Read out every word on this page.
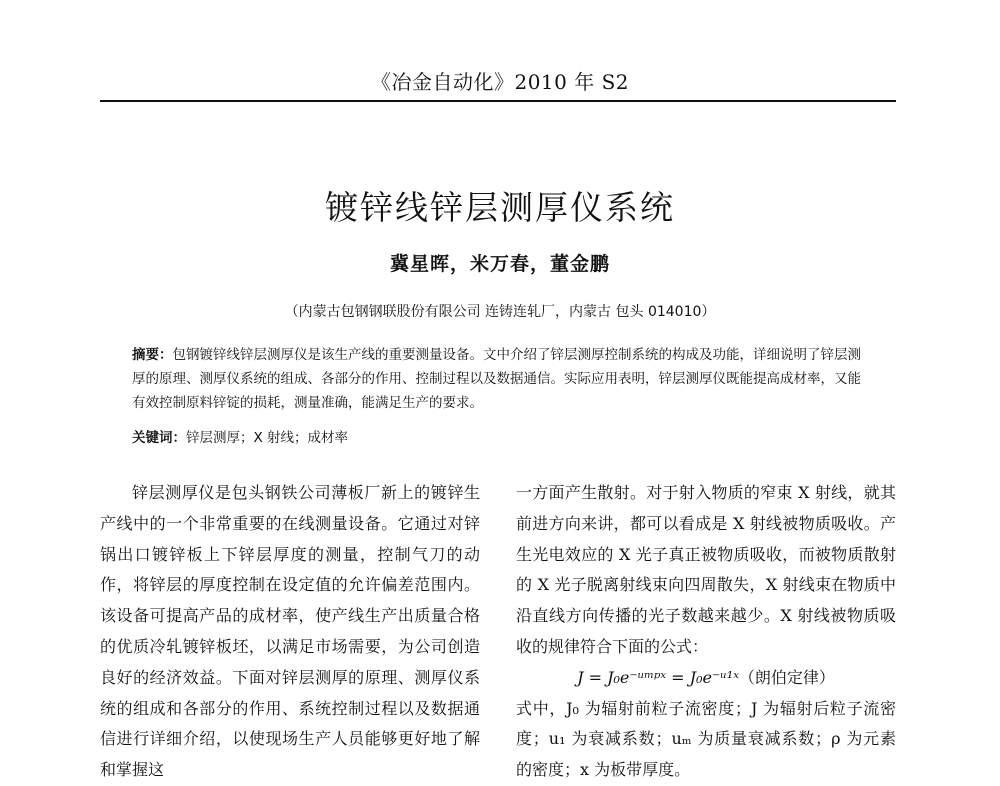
《冶金自动化》2010 年 S2
镀锌线锌层测厚仪系统
冀星晖，米万春，董金鹏
（内蒙古包钢钢联股份有限公司 连铸连轧厂，内蒙古 包头 014010）
摘要：包钢镀锌线锌层测厚仪是该生产线的重要测量设备。文中介绍了锌层测厚控制系统的构成及功能，详细说明了锌层测厚的原理、测厚仪系统的组成、各部分的作用、控制过程以及数据通信。实际应用表明，锌层测厚仪既能提高成材率，又能有效控制原料锌锭的损耗，测量准确，能满足生产的要求。
关键词：锌层测厚；X 射线；成材率

锌层测厚仪是包头钢铁公司薄板厂新上的镀锌生产线中的一个非常重要的在线测量设备。它通过对锌锅出口镀锌板上下锌层厚度的测量，控制气刀的动作，将锌层的厚度控制在设定值的允许偏差范围内。该设备可提高产品的成材率，使产线生产出质量合格的优质冷轧镀锌板坯，以满足市场需要，为公司创造良好的经济效益。下面对锌层测厚的原理、测厚仪系统的组成和各部分的作用、系统控制过程以及数据通信进行详细介绍，以使现场生产人员能够更好地了解和掌握这

一方面产生散射。对于射入物质的窄束 X 射线，就其前进方向来讲，都可以看成是 X 射线被物质吸收。产生光电效应的 X 光子真正被物质吸收，而被物质散射的 X 光子脱离射线束向四周散失，X 射线束在物质中沿直线方向传播的光子数越来越少。X 射线被物质吸收的规律符合下面的公式：

J = J₀e⁻ᵘᵐᵖˣ = J₀e⁻ᵘ¹ˣ（朗伯定律）

式中，J₀ 为辐射前粒子流密度；J 为辐射后粒子流密度；u₁ 为衰减系数；uₘ 为质量衰减系数；ρ 为元素的密度；x 为板带厚度。
